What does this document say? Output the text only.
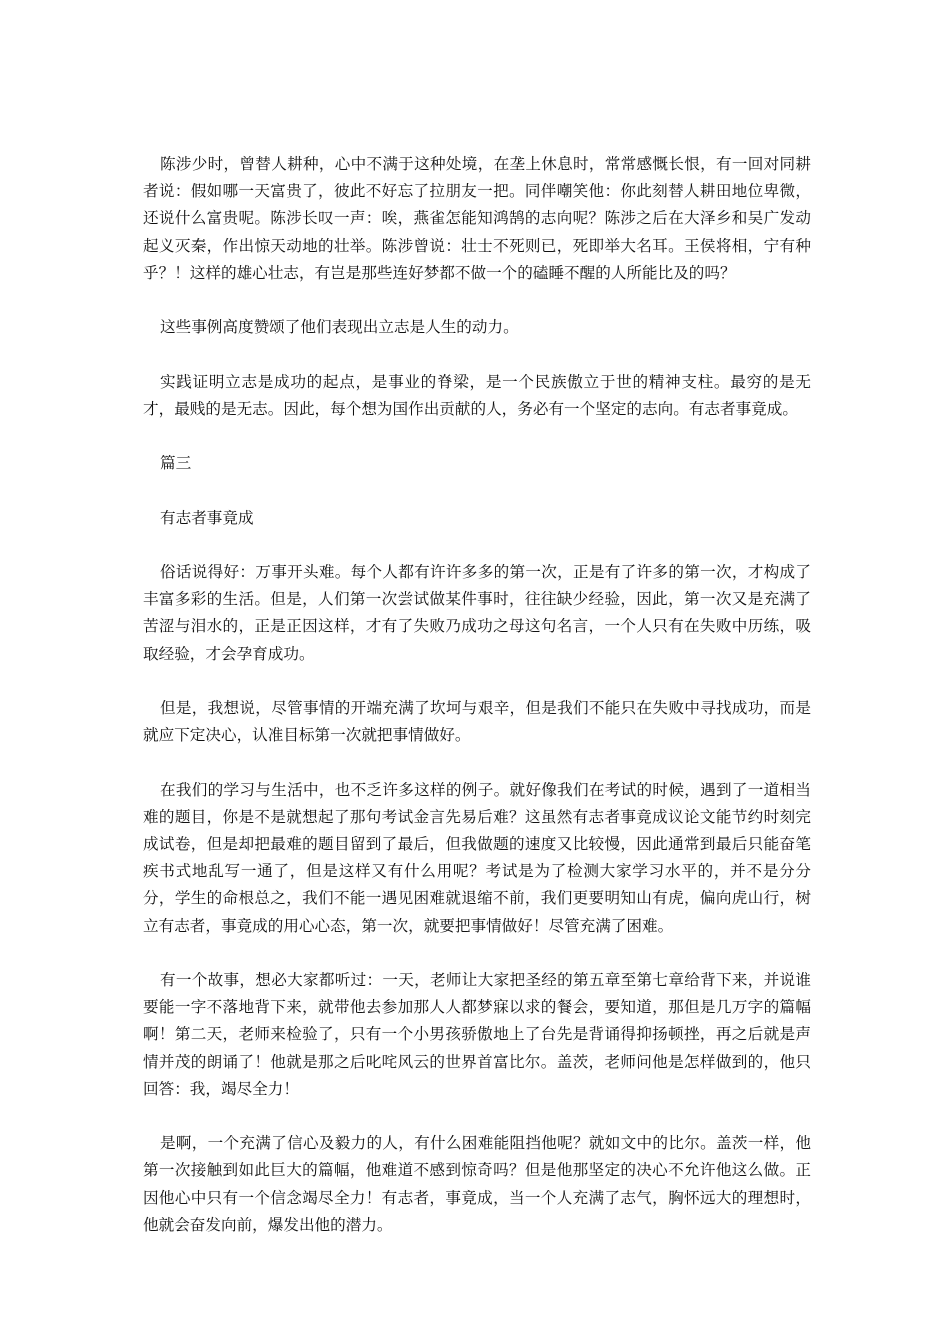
陈涉少时，曾替人耕种，心中不满于这种处境，在垄上休息时，常常感慨长恨，有一回对同耕者说：假如哪一天富贵了，彼此不好忘了拉朋友一把。同伴嘲笑他：你此刻替人耕田地位卑微，还说什么富贵呢。陈涉长叹一声：唉，燕雀怎能知鸿鹄的志向呢？陈涉之后在大泽乡和吴广发动起义灭秦，作出惊天动地的壮举。陈涉曾说：壮士不死则已，死即举大名耳。王侯将相，宁有种乎？！这样的雄心壮志，有岂是那些连好梦都不做一个的磕睡不醒的人所能比及的吗？

这些事例高度赞颂了他们表现出立志是人生的动力。

实践证明立志是成功的起点，是事业的脊梁，是一个民族傲立于世的精神支柱。最穷的是无才，最贱的是无志。因此，每个想为国作出贡献的人，务必有一个坚定的志向。有志者事竟成。

篇三

有志者事竟成

俗话说得好：万事开头难。每个人都有许许多多的第一次，正是有了许多的第一次，才构成了丰富多彩的生活。但是，人们第一次尝试做某件事时，往往缺少经验，因此，第一次又是充满了苦涩与泪水的，正是正因这样，才有了失败乃成功之母这句名言，一个人只有在失败中历练，吸取经验，才会孕育成功。

但是，我想说，尽管事情的开端充满了坎坷与艰辛，但是我们不能只在失败中寻找成功，而是就应下定决心，认准目标第一次就把事情做好。

在我们的学习与生活中，也不乏许多这样的例子。就好像我们在考试的时候，遇到了一道相当难的题目，你是不是就想起了那句考试金言先易后难？这虽然有志者事竟成议论文能节约时刻完成试卷，但是却把最难的题目留到了最后，但我做题的速度又比较慢，因此通常到最后只能奋笔疾书式地乱写一通了，但是这样又有什么用呢？考试是为了检测大家学习水平的，并不是分分分，学生的命根总之，我们不能一遇见困难就退缩不前，我们更要明知山有虎，偏向虎山行，树立有志者，事竟成的用心心态，第一次，就要把事情做好！尽管充满了困难。

有一个故事，想必大家都听过：一天，老师让大家把圣经的第五章至第七章给背下来，并说谁要能一字不落地背下来，就带他去参加那人人都梦寐以求的餐会，要知道，那但是几万字的篇幅啊！第二天，老师来检验了，只有一个小男孩骄傲地上了台先是背诵得抑扬顿挫，再之后就是声情并茂的朗诵了！他就是那之后叱咤风云的世界首富比尔。盖茨，老师问他是怎样做到的，他只回答：我，竭尽全力！

是啊，一个充满了信心及毅力的人，有什么困难能阻挡他呢？就如文中的比尔。盖茨一样，他第一次接触到如此巨大的篇幅，他难道不感到惊奇吗？但是他那坚定的决心不允许他这么做。正因他心中只有一个信念竭尽全力！有志者，事竟成，当一个人充满了志气，胸怀远大的理想时，他就会奋发向前，爆发出他的潜力。
